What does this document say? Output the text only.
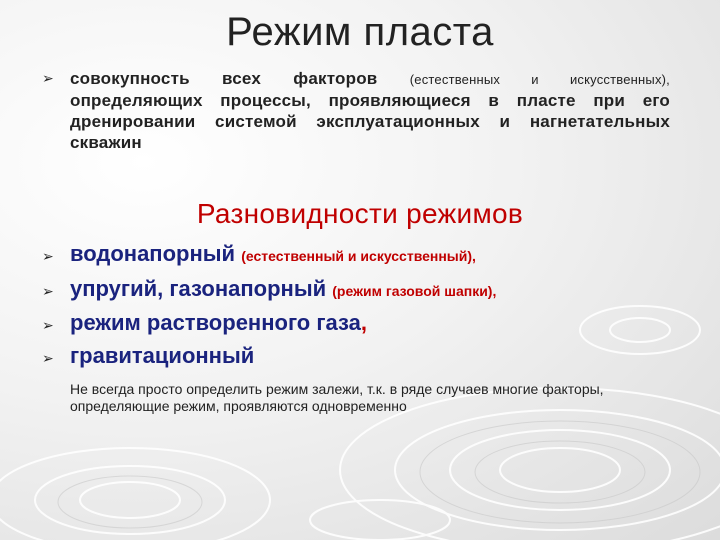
Режим пласта
➢ совокупность всех факторов (естественных и искусственных), определяющих процессы, проявляющиеся в пласте при его дренировании системой эксплуатационных и нагнетательных скважин
Разновидности режимов
➢ водонапорный (естественный и искусственный),
➢ упругий, газонапорный (режим газовой шапки),
➢ режим растворенного газа,
➢ гравитационный
Не всегда просто определить режим залежи, т.к. в ряде случаев многие факторы, определяющие режим, проявляются одновременно
